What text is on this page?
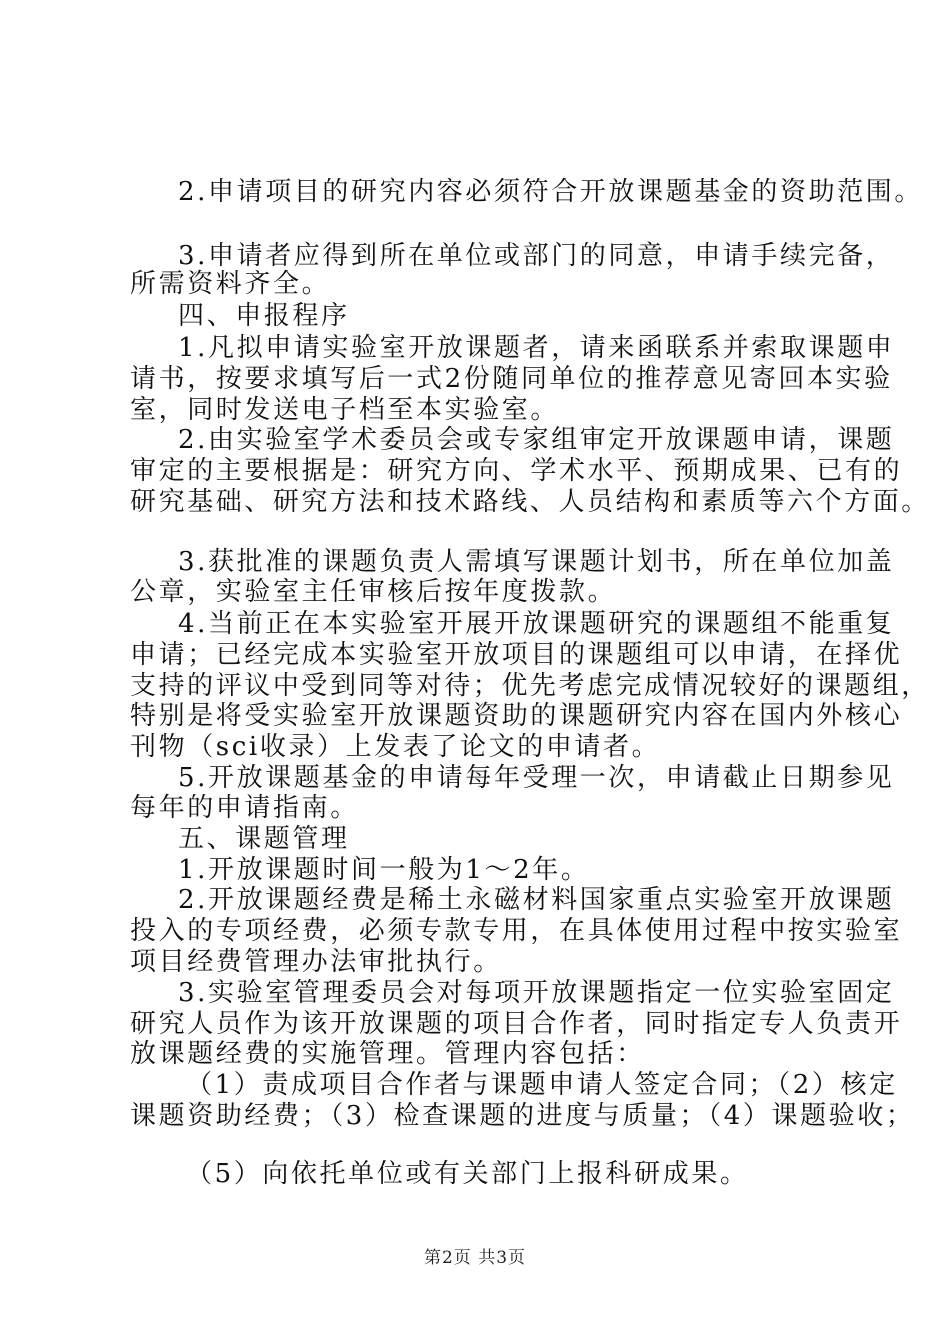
2.申请项目的研究内容必须符合开放课题基金的资助范围。
3.申请者应得到所在单位或部门的同意，申请手续完备，
所需资料齐全。
四、申报程序
1.凡拟申请实验室开放课题者，请来函联系并索取课题申
请书，按要求填写后一式2份随同单位的推荐意见寄回本实验
室，同时发送电子档至本实验室。
2.由实验室学术委员会或专家组审定开放课题申请，课题
审定的主要根据是：研究方向、学术水平、预期成果、已有的
研究基础、研究方法和技术路线、人员结构和素质等六个方面。
3.获批准的课题负责人需填写课题计划书，所在单位加盖
公章，实验室主任审核后按年度拨款。
4.当前正在本实验室开展开放课题研究的课题组不能重复
申请；已经完成本实验室开放项目的课题组可以申请，在择优
支持的评议中受到同等对待；优先考虑完成情况较好的课题组，
特别是将受实验室开放课题资助的课题研究内容在国内外核心
刊物（sci收录）上发表了论文的申请者。
5.开放课题基金的申请每年受理一次，申请截止日期参见
每年的申请指南。
五、课题管理
1.开放课题时间一般为1～2年。
2.开放课题经费是稀土永磁材料国家重点实验室开放课题
投入的专项经费，必须专款专用，在具体使用过程中按实验室
项目经费管理办法审批执行。
3.实验室管理委员会对每项开放课题指定一位实验室固定
研究人员作为该开放课题的项目合作者，同时指定专人负责开
放课题经费的实施管理。管理内容包括：
（1）责成项目合作者与课题申请人签定合同；（2）核定
课题资助经费；（3）检查课题的进度与质量；（4）课题验收；
（5）向依托单位或有关部门上报科研成果。
第2页 共3页
